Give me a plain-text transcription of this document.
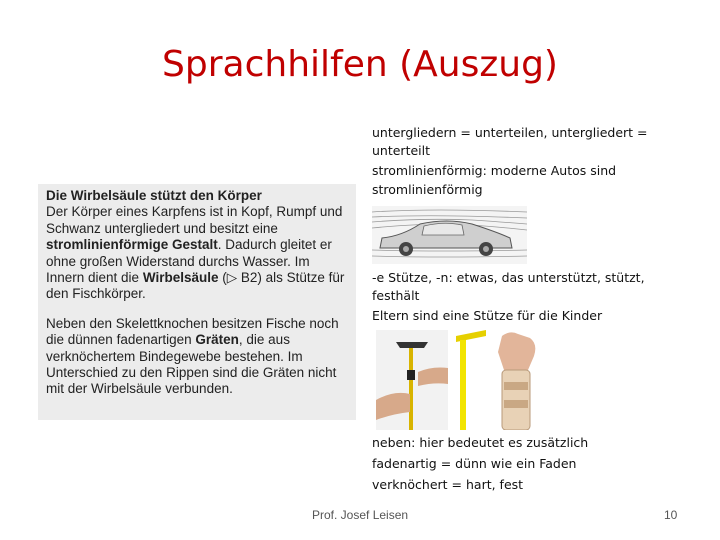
Sprachhilfen (Auszug)
Die Wirbelsäule stützt den Körper

Der Körper eines Karpfens ist in Kopf, Rumpf und Schwanz untergliedert und besitzt eine stromlinienförmige Gestalt. Dadurch gleitet er ohne großen Widerstand durchs Wasser. Im Innern dient die Wirbelsäule (▷ B2) als Stütze für den Fischkörper.

Neben den Skelettknochen besitzen Fische noch die dünnen fadenartigen Gräten, die aus verknöchertem Bindegewebe bestehen. Im Unterschied zu den Rippen sind die Gräten nicht mit der Wirbelsäule verbunden.

untergliedern = unterteilen, untergliedert =
unterteilt
stromlinienförmig: moderne Autos sind
stromlinienförmig
-e Stütze, -n: etwas, das unterstützt, stützt,
festhält
Eltern sind eine Stütze für die Kinder
neben: hier bedeutet es zusätzlich
fadenartig = dünn wie ein Faden
verknöchert = hart, fest
Prof. Josef Leisen	10
